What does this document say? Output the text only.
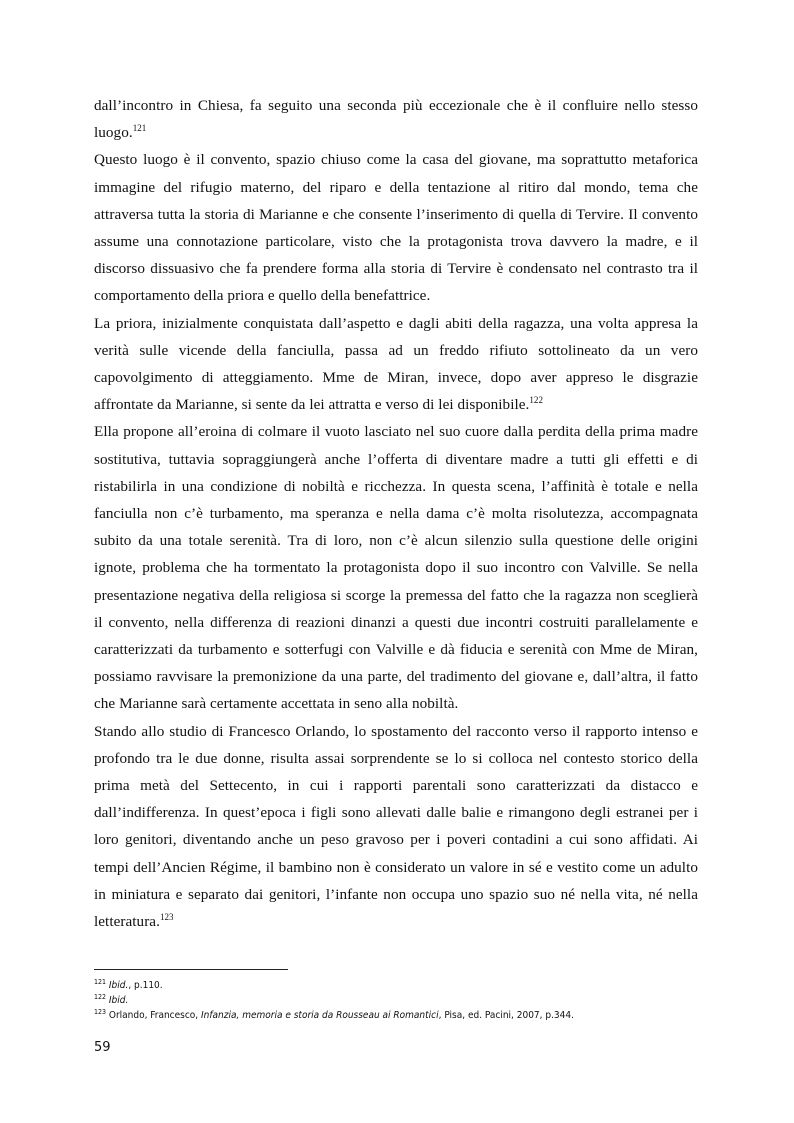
dall’incontro in Chiesa, fa seguito una seconda più eccezionale che è il confluire nello stesso luogo.$^{121}$

Questo luogo è il convento, spazio chiuso come la casa del giovane, ma soprattutto metaforica immagine del rifugio materno, del riparo e della tentazione al ritiro dal mondo, tema che attraversa tutta la storia di Marianne e che consente l’inserimento di quella di Tervire. Il convento assume una connotazione particolare, visto che la protagonista trova davvero la madre, e il discorso dissuasivo che fa prendere forma alla storia di Tervire è condensato nel contrasto tra il comportamento della priora e quello della benefattrice.

La priora, inizialmente conquistata dall’aspetto e dagli abiti della ragazza, una volta appresa la verità sulle vicende della fanciulla, passa ad un freddo rifiuto sottolineato da un vero capovolgimento di atteggiamento. Mme de Miran, invece, dopo aver appreso le disgrazie affrontate da Marianne, si sente da lei attratta e verso di lei disponibile.$^{122}$

Ella propone all’eroina di colmare il vuoto lasciato nel suo cuore dalla perdita della prima madre sostitutiva, tuttavia sopraggiungerà anche l’offerta di diventare madre a tutti gli effetti e di ristabilirla in una condizione di nobiltà e ricchezza. In questa scena, l’affinità è totale e nella fanciulla non c’è turbamento, ma speranza e nella dama c’è molta risolutezza, accompagnata subito da una totale serenità. Tra di loro, non c’è alcun silenzio sulla questione delle origini ignote, problema che ha tormentato la protagonista dopo il suo incontro con Valville. Se nella presentazione negativa della religiosa si scorge la premessa del fatto che la ragazza non sceglierà il convento, nella differenza di reazioni dinanzi a questi due incontri costruiti parallelamente e caratterizzati da turbamento e sotterfugi con Valville e dà fiducia e serenità con Mme de Miran, possiamo ravvisare la premonizione da una parte, del tradimento del giovane e, dall’altra, il fatto che Marianne sarà certamente accettata in seno alla nobiltà.

Stando allo studio di Francesco Orlando, lo spostamento del racconto verso il rapporto intenso e profondo tra le due donne, risulta assai sorprendente se lo si colloca nel contesto storico della prima metà del Settecento, in cui i rapporti parentali sono caratterizzati da distacco e dall’indifferenza. In quest’epoca i figli sono allevati dalle balie e rimangono degli estranei per i loro genitori, diventando anche un peso gravoso per i poveri contadini a cui sono affidati. Ai tempi dell’Ancien Régime, il bambino non è considerato un valore in sé e vestito come un adulto in miniatura e separato dai genitori, l’infante non occupa uno spazio suo né nella vita, né nella letteratura.$^{123}$

$^{121}$ Ibid., p.110.
$^{122}$ Ibid.
$^{123}$ Orlando, Francesco, Infanzia, memoria e storia da Rousseau ai Romantici, Pisa, ed. Pacini, 2007, p.344.
59
